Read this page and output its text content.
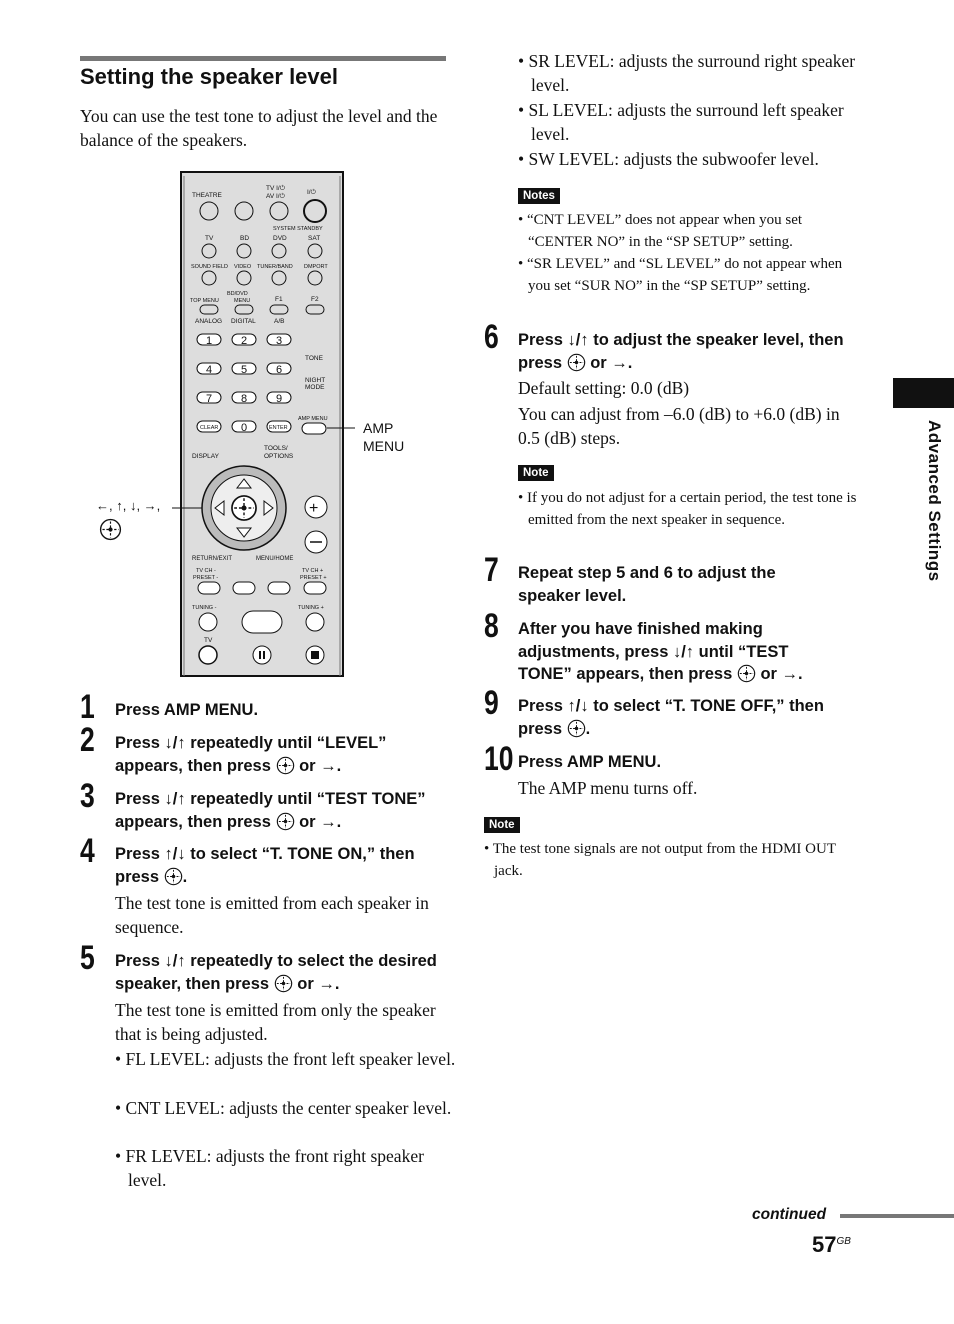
Setting the speaker level
You can use the test tone to adjust the level and the balance of the speakers.
THEATRE
TV I/⏻
AV I/⏻
I/⏻
SYSTEM STANDBY
TV	BD	DVD	SAT
SOUND FIELD VIDEO TUNER/BAND DMPORT
BD/DVD
TOP MENU	MENU	F1	F2
ANALOG DIGITAL	A/B
1	2	3
4	5	6
7	8	9
0
TONE
NIGHT
MODE
CLEAR	ENTER
AMP MENU
AMP
MENU
DISPLAY
TOOLS/
OPTIONS
←, ↑, ↓, →,	+
RETURN/EXIT	MENU/HOME
TV CH -
PRESET -
TV CH +
PRESET +
TUNING -	TUNING +
TV
1 Press AMP MENU.
2 Press ↓/↑ repeatedly until “LEVEL” appears, then press or →.
3 Press ↓/↑ repeatedly until “TEST TONE” appears, then press or →.
4 Press ↑/↓ to select “T. TONE ON,” then press .
The test tone is emitted from each speaker in sequence.
5 Press ↓/↑ repeatedly to select the desired speaker, then press or →.
The test tone is emitted from only the speaker that is being adjusted.
• FL LEVEL: adjusts the front left speaker level.
• CNT LEVEL: adjusts the center speaker level.
• FR LEVEL: adjusts the front right speaker level.
• SR LEVEL: adjusts the surround right speaker level.
• SL LEVEL: adjusts the surround left speaker level.
• SW LEVEL: adjusts the subwoofer level.
Notes
• “CNT LEVEL” does not appear when you set “CENTER NO” in the “SP SETUP” setting.
• “SR LEVEL” and “SL LEVEL” do not appear when you set “SUR NO” in the “SP SETUP” setting.
6 Press ↓/↑ to adjust the speaker level, then press or →.
Default setting: 0.0 (dB)
You can adjust from –6.0 (dB) to +6.0 (dB) in 0.5 (dB) steps.
Note
• If you do not adjust for a certain period, the test tone is emitted from the next speaker in sequence.
7 Repeat step 5 and 6 to adjust the speaker level.
8 After you have finished making adjustments, press ↓/↑ until “TEST TONE” appears, then press or →.
9 Press ↑/↓ to select “T. TONE OFF,” then press .
10 Press AMP MENU.
The AMP menu turns off.
Note
• The test tone signals are not output from the HDMI OUT jack.
Advanced Settings
continued
$57^{GB}$
